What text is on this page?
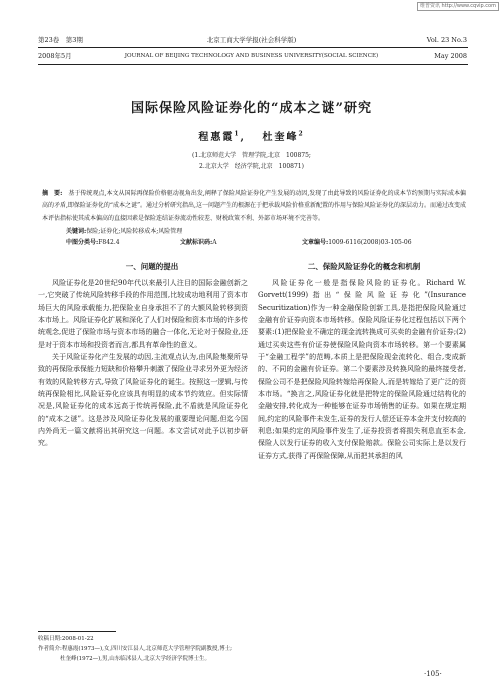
维普资讯 http://www.cqvip.com
第23卷　第3期	北京工商大学学报(社会科学版)	Vol. 23 No.3
2008年5月	JOURNAL OF BEIJING TECHNOLOGY AND BUSINESS UNIVERSITY(SOCIAL SCIENCE)	May 2008
国际保险风险证券化的“成本之谜”研究
程惠霞$^1$,   杜奎峰$^2$
(1.北京师范大学　管理学院,北京　100875;
2.北京大学　经济学院,北京　100871)
摘　要: 基于传统观点,本文从国际再保险价格驱动视角出发,阐释了保险风险证券化产生发展的动因,发现了由此导致的风险证券化的成本节约预期与实际成本偏高的矛盾,即保险证券化的“成本之谜”。通过分析研究指出,这一问题产生的根源在于把承载风险价格重新配置的作用与保险风险证券化的深层动力。而通过改变成本评估指标使其成本偏高的直接因素是保险连结证券流动性较差、财税政策不利、外部市场环境不完善等。
关键词:保险;证券化;风险转移成本;风险管理
中图分类号:F842.4	文献标识码:A	文章编号:1009-6116(2008)03-105-06
一、问题的提出	二、保险风险证券化的概念和机制

风险证券化是20世纪90年代以来最引人注目的国际金融创新之一,它突破了传统风险转移手段的作用范围,比较成功地利用了资本市场巨大的风险承载能力,把保险业自身承担不了的大额风险转移到资本市场上。风险证券化扩展和深化了人们对保险和资本市场的许多传统观念,促进了保险市场与资本市场的融合一体化,无论对于保险业,还是对于资本市场和投资者而言,都具有革命性的意义。

关于风险证券化产生发展的动因,主流观点认为,由风险集聚所导致的再保险承保能力短缺和价格攀升刺激了保险业寻求另外更为经济有效的风险转移方式,导致了风险证券化的诞生。按照这一逻辑,与传统再保险相比,风险证券化应该具有明显的成本节约效应。但实际情况是,风险证券化的成本远高于传统再保险,此不盾就是风险证券化的“成本之谜”。这是涉及风险证券化发展的重要理论问题,但迄今国内外尚无一篇文献将出其研究这一问题。本文尝试对此予以初步研究。

风险证券化一般是指保险风险的证券化。Richard W. Gorvett(1999)指出“保险风险证券化”(Insurance Securitization)作为一种金融保险创新工具,是指把保险风险通过金融有价证券向资本市场转移。保险风险证券化过程包括以下两个要素:(1)把保险业不确定的现金流转换成可买卖的金融有价证券;(2)通过买卖这些有价证券使保险风险向资本市场转移。第一个要素属于“金融工程学”的范畴,本质上是把保险现金流转化、组合,变成新的、不同的金融有价证券。第二个要素涉及转换风险的最终接受者,保险公司不是把保险风险转嫁给再保险人,而是转嫁给了更广泛的资本市场。“换言之,风险证券化就是把特定的保险风险通过结构化的金融安排,转化成为一种能够在证券市场销售的证券。如果在规定期间,约定的风险事件未发生,证券的发行人偿还证券本金并支付较高的利息;如果约定的风险事件发生了,证券投资者将损失利息直至本金,保险人以发行证券的收入支付保险赔款。保险公司实际上是以发行证券方式,获得了再保险保障,从而把其承担的风

收稿日期:2008-01-22
作者简介:程惠霞(1973—),女,四川安江县人,北京师范大学管理学院副教授,博士;
杜奎峰(1972—),男,山东临沭县人,北京大学经济学院博士生。
·105·
